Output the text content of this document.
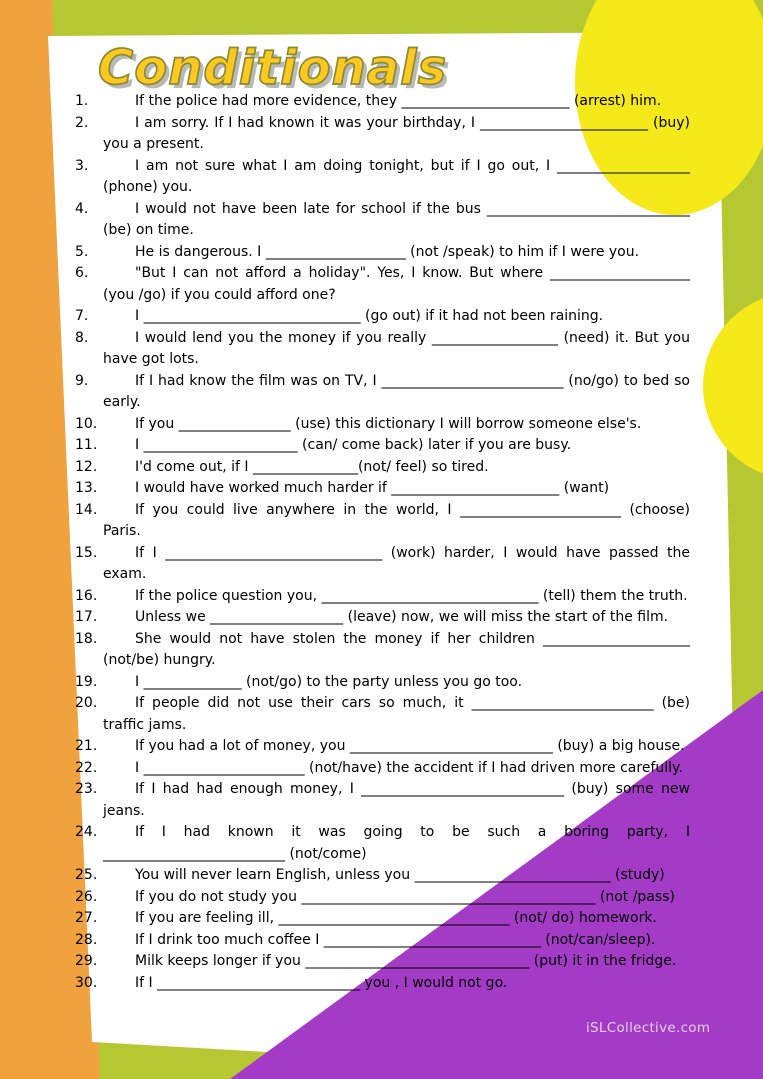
Conditionals
1.	If the police had more evidence, they ________________________ (arrest) him.
2.	I am sorry. If I had known it was your birthday, I ________________________ (buy) you a present.
3.	I am not sure what I am doing tonight, but if I go out, I ___________________ (phone) you.
4.	I would not have been late for school if the bus _____________________________ (be) on time.
5.	He is dangerous. I ____________________ (not /speak) to him if I were you.
6.	"But I can not afford a holiday". Yes, I know. But where ____________________ (you /go) if you could afford one?
7.	I _______________________________ (go out) if it had not been raining.
8.	I would lend you the money if you really __________________ (need) it. But you have got lots.
9.	If I had know the film was on TV, I __________________________ (no/go) to bed so early.
10.	If you ________________ (use) this dictionary I will borrow someone else's.
11.	I ______________________ (can/ come back) later if you are busy.
12.	I'd come out, if I _______________(not/ feel) so tired.
13.	I would have worked much harder if ________________________ (want)
14.	If you could live anywhere in the world, I _______________________ (choose) Paris.
15.	If I _______________________________ (work) harder, I would have passed the exam.
16.	If the police question you, _______________________________ (tell) them the truth.
17.	Unless we ___________________ (leave) now, we will miss the start of the film.
18.	She would not have stolen the money if her children _____________________ (not/be) hungry.
19.	I ______________ (not/go) to the party unless you go too.
20.	If people did not use their cars so much, it __________________________ (be) traffic jams.
21.	If you had a lot of money, you _____________________________ (buy) a big house.
22.	I _______________________ (not/have) the accident if I had driven more carefully.
23.	If I had had enough money, I _____________________________ (buy) some new jeans.
24.	If I had known it was going to be such a boring party, I __________________________ (not/come)
25.	You will never learn English, unless you ____________________________ (study)
26.	If you do not study you __________________________________________ (not /pass)
27.	If you are feeling ill, _________________________________ (not/ do) homework.
28.	If I drink too much coffee I _______________________________ (not/can/sleep).
29.	Milk keeps longer if you ________________________________ (put) it in the fridge.
30.	If I _____________________________ you , I would not go.
iSLCollective.com
